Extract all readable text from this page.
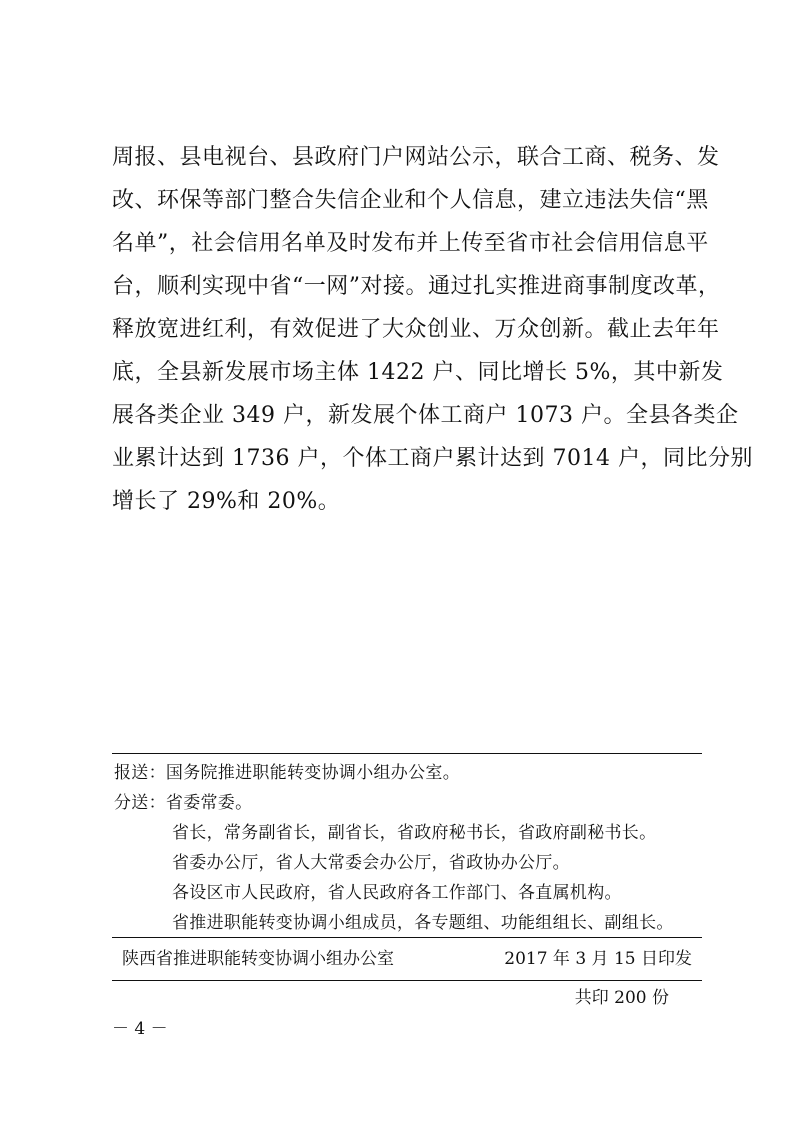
周报、县电视台、县政府门户网站公示，联合工商、税务、发
改、环保等部门整合失信企业和个人信息，建立违法失信“黑
名单”，社会信用名单及时发布并上传至省市社会信用信息平
台，顺利实现中省“一网”对接。通过扎实推进商事制度改革，
释放宽进红利，有效促进了大众创业、万众创新。截止去年年
底，全县新发展市场主体 1422 户、同比增长 5%，其中新发
展各类企业 349 户，新发展个体工商户 1073 户。全县各类企
业累计达到 1736 户，个体工商户累计达到 7014 户，同比分别
增长了 29%和 20%。
报送：国务院推进职能转变协调小组办公室。
分送：省委常委。
省长，常务副省长，副省长，省政府秘书长，省政府副秘书长。
省委办公厅，省人大常委会办公厅，省政协办公厅。
各设区市人民政府，省人民政府各工作部门、各直属机构。
省推进职能转变协调小组成员，各专题组、功能组组长、副组长。
陕西省推进职能转变协调小组办公室	2017 年 3 月 15 日印发
共印 200 份
－ 4 －
